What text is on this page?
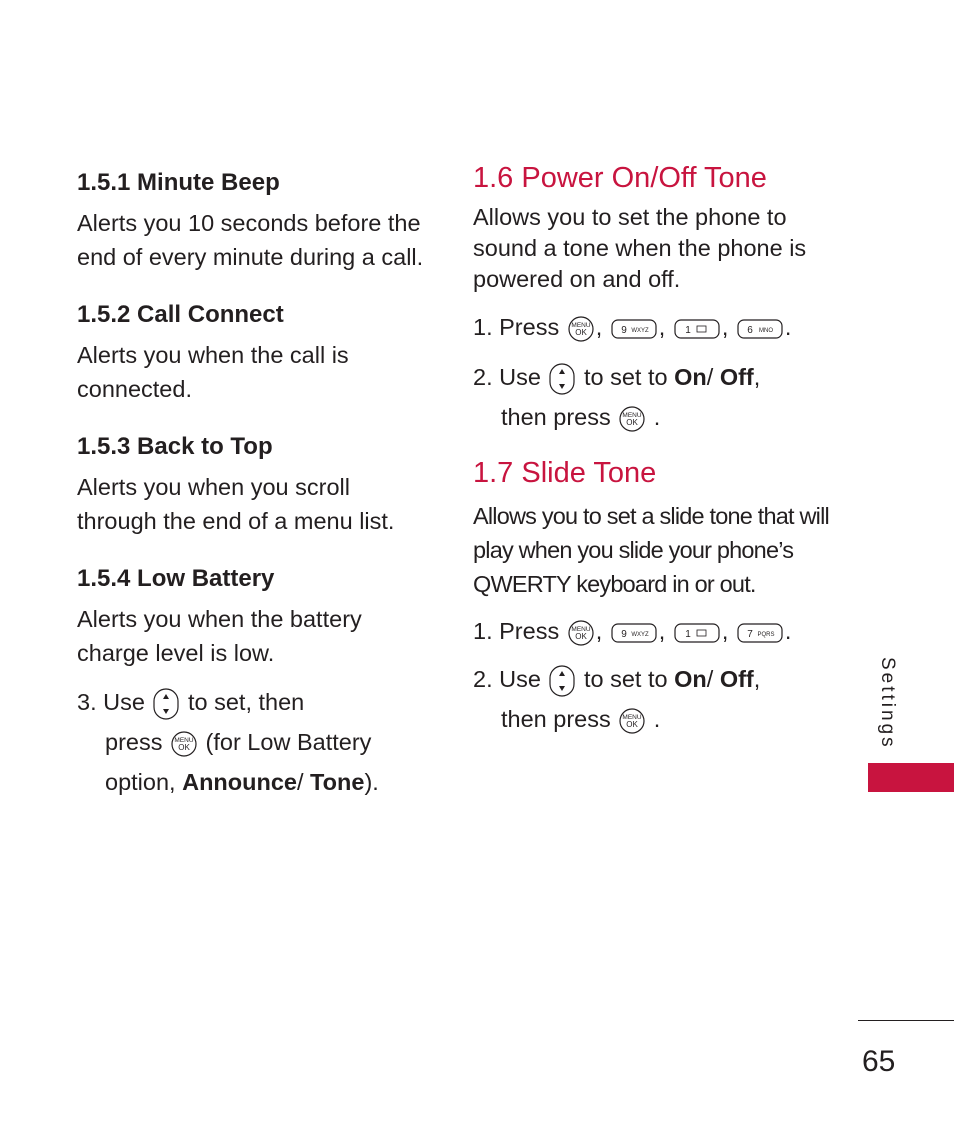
1.5.1 Minute Beep
Alerts you 10 seconds before the end of every minute during a call.
1.5.2 Call Connect
Alerts you when the call is connected.
1.5.3 Back to Top
Alerts you when you scroll through the end of a menu list.
1.5.4 Low Battery
Alerts you when the battery charge level is low.
3. Use to set, then
press MENU
OK (for Low Battery
option, Announce/ Tone).
1.6 Power On/Off Tone
Allows you to set the phone to sound a tone when the phone is powered on and off.
1. Press MENU
OK , 9 WXYZ , 1 , 6 MNO .
2. Use to set to On/ Off,
then press MENU
OK .
1.7 Slide Tone
Allows you to set a slide tone that will play when you slide your phone’s QWERTY keyboard in or out.
1. Press MENU
OK , 9 WXYZ , 1 , 7 PQRS .
2. Use to set to On/ Off,
then press MENU
OK .	Settings
65
